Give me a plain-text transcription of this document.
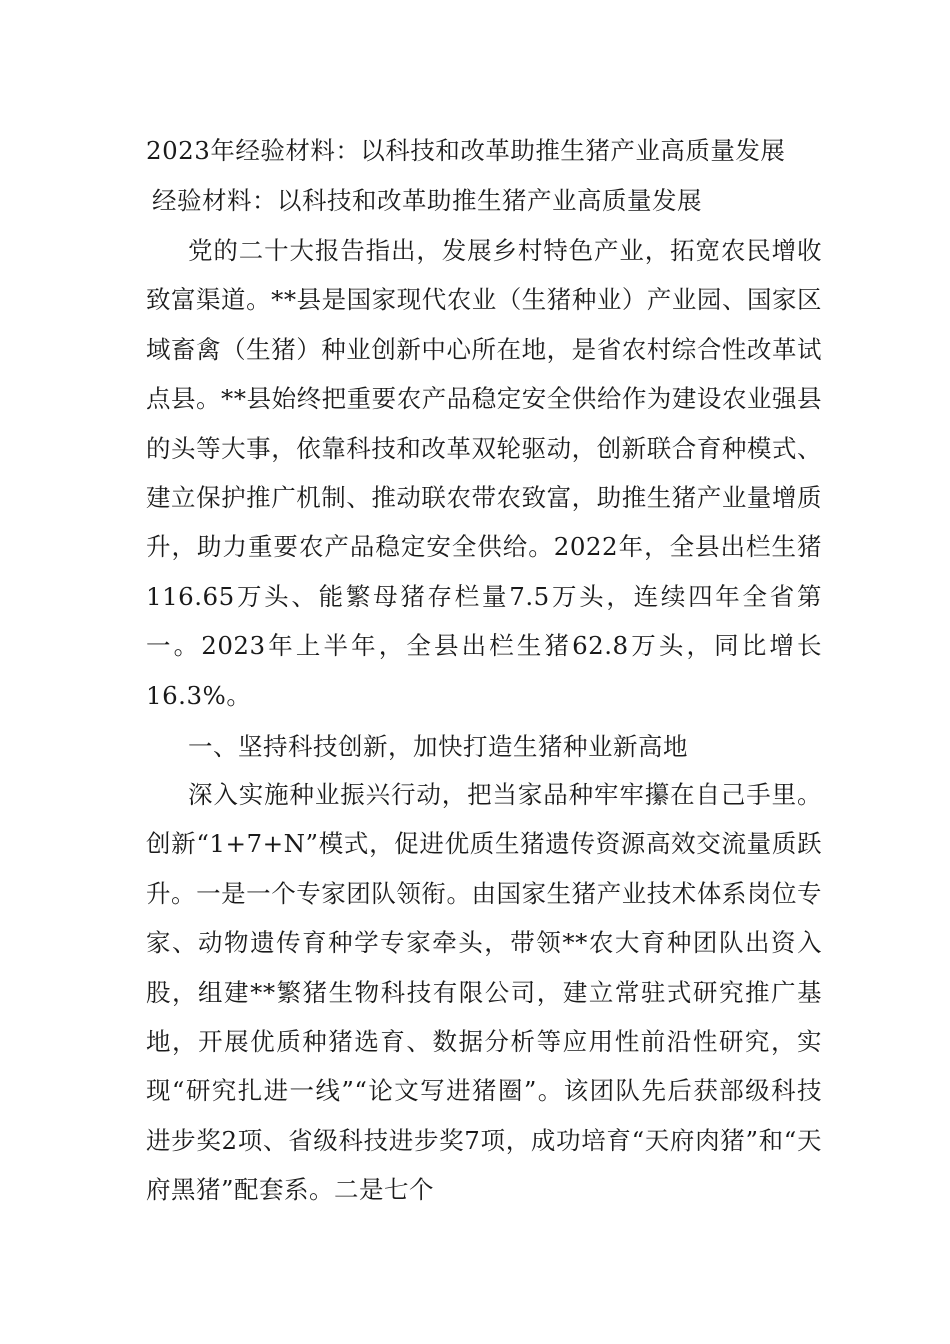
2023年经验材料：以科技和改革助推生猪产业高质量发展
经验材料：以科技和改革助推生猪产业高质量发展
党的二十大报告指出，发展乡村特色产业，拓宽农民增收致富渠道。**县是国家现代农业（生猪种业）产业园、国家区域畜禽（生猪）种业创新中心所在地，是省农村综合性改革试点县。**县始终把重要农产品稳定安全供给作为建设农业强县的头等大事，依靠科技和改革双轮驱动，创新联合育种模式、建立保护推广机制、推动联农带农致富，助推生猪产业量增质升，助力重要农产品稳定安全供给。2022年，全县出栏生猪116.65万头、能繁母猪存栏量7.5万头，连续四年全省第一。2023年上半年，全县出栏生猪62.8万头，同比增长16.3%。
一、坚持科技创新，加快打造生猪种业新高地
深入实施种业振兴行动，把当家品种牢牢攥在自己手里。创新“1+7+N”模式，促进优质生猪遗传资源高效交流量质跃升。一是一个专家团队领衔。由国家生猪产业技术体系岗位专家、动物遗传育种学专家牵头，带领**农大育种团队出资入股，组建**繁猪生物科技有限公司，建立常驻式研究推广基地，开展优质种猪选育、数据分析等应用性前沿性研究，实现“研究扎进一线”“论文写进猪圈”。该团队先后获部级科技进步奖2项、省级科技进步奖7项，成功培育“天府肉猪”和“天府黑猪”配套系。二是七个
